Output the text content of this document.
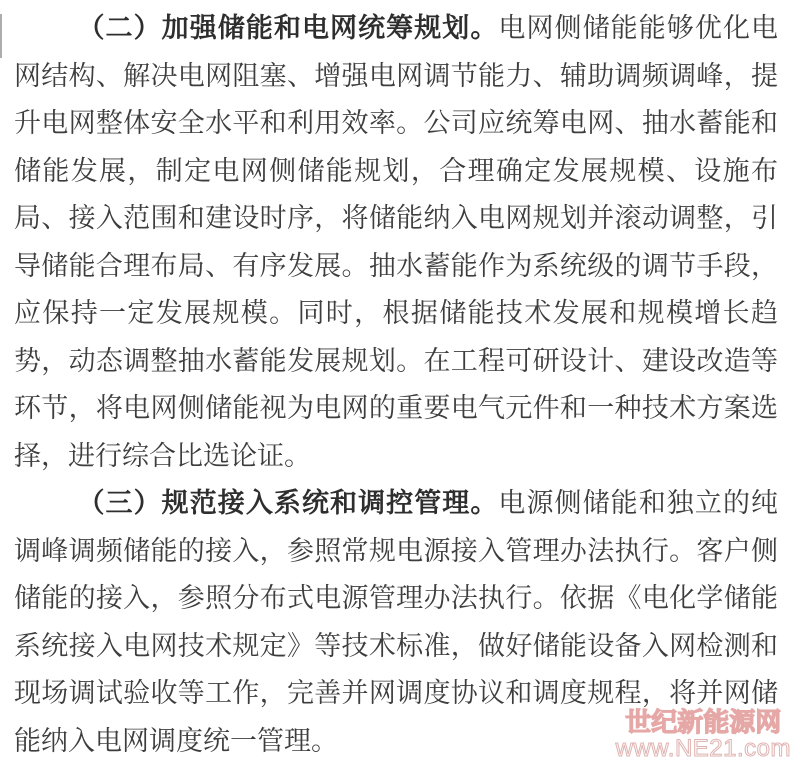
（二）加强储能和电网统筹规划。电网侧储能能够优化电网结构、解决电网阻塞、增强电网调节能力、辅助调频调峰，提升电网整体安全水平和利用效率。公司应统筹电网、抽水蓄能和储能发展，制定电网侧储能规划，合理确定发展规模、设施布局、接入范围和建设时序，将储能纳入电网规划并滚动调整，引导储能合理布局、有序发展。抽水蓄能作为系统级的调节手段，应保持一定发展规模。同时，根据储能技术发展和规模增长趋势，动态调整抽水蓄能发展规划。在工程可研设计、建设改造等环节，将电网侧储能视为电网的重要电气元件和一种技术方案选择，进行综合比选论证。

（三）规范接入系统和调控管理。电源侧储能和独立的纯调峰调频储能的接入，参照常规电源接入管理办法执行。客户侧储能的接入，参照分布式电源管理办法执行。依据《电化学储能系统接入电网技术规定》等技术标准，做好储能设备入网检测和现场调试验收等工作，完善并网调度协议和调度规程，将并网储能纳入电网调度统一管理。

世纪新能源网
www.NE21.com
